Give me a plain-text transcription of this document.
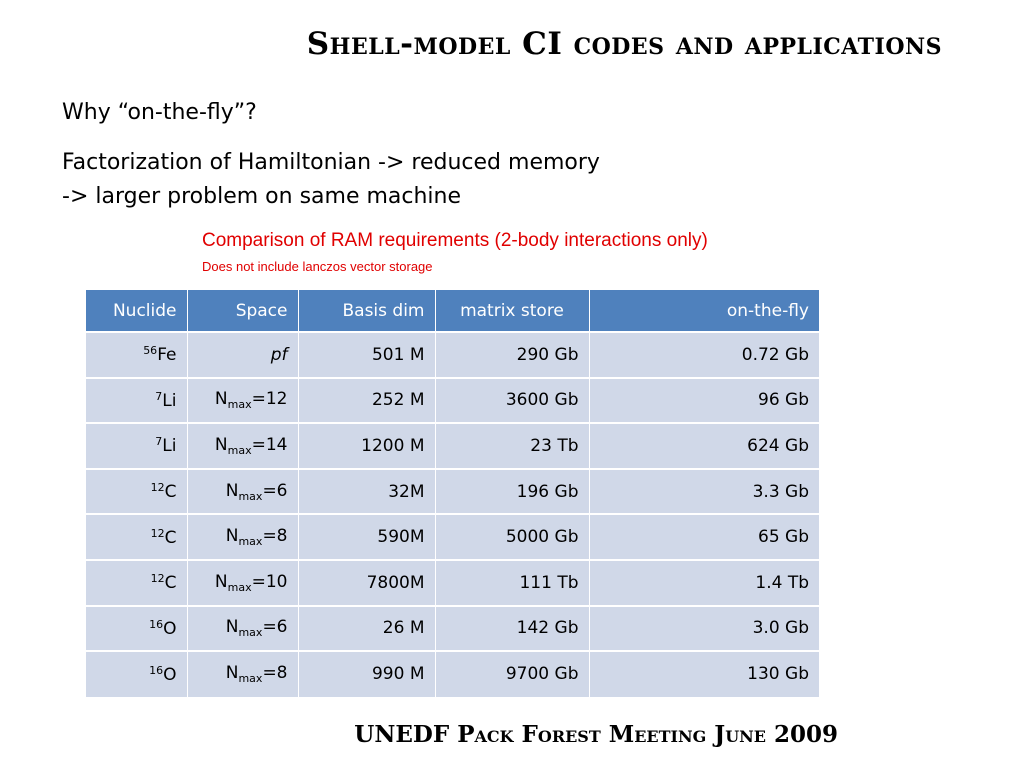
Shell-model CI codes and applications
Why “on-the-fly”?
Factorization of Hamiltonian -> reduced memory
-> larger problem on same machine
Comparison of RAM requirements (2-body interactions only)
Does not include lanczos vector storage
Nuclide	Space	Basis dim	matrix store	on-the-fly
$^{56}$Fe	pf	501 M	290 Gb	0.72 Gb
$^7$Li	$N_{max}=12$	252 M	3600 Gb	96 Gb
$^7$Li	$N_{max}=14$	1200 M	23 Tb	624 Gb
$^{12}$C	$N_{max}=6$	32M	196 Gb	3.3 Gb
$^{12}$C	$N_{max}=8$	590M	5000 Gb	65 Gb
$^{12}$C	$N_{max}=10$	7800M	111 Tb	1.4 Tb
$^{16}$O	$N_{max}=6$	26 M	142 Gb	3.0 Gb
$^{16}$O	$N_{max}=8$	990 M	9700 Gb	130 Gb
UNEDF Pack Forest Meeting June 2009
